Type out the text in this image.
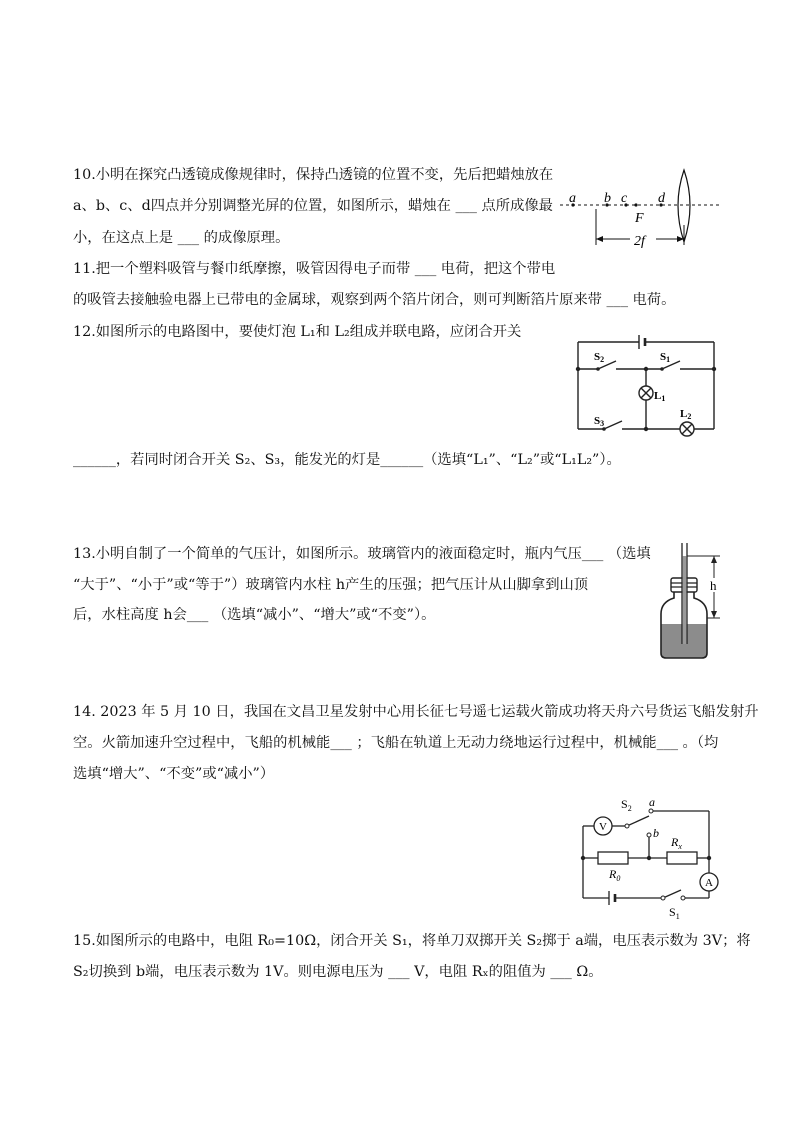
10.小明在探究凸透镜成像规律时，保持凸透镜的位置不变，先后把蜡烛放在
a、b、c、d四点并分别调整光屏的位置，如图所示，蜡烛在 ___ 点所成像最
小，在这点上是 ___ 的成像原理。
a b c d
F
2f
11.把一个塑料吸管与餐巾纸摩擦，吸管因得电子而带 ___ 电荷，把这个带电
的吸管去接触验电器上已带电的金属球，观察到两个箔片闭合，则可判断箔片原来带 ___ 电荷。
12.如图所示的电路图中，要使灯泡 L₁和 L₂组成并联电路，应闭合开关
S2	S1
S3
L1
L2
______，若同时闭合开关 S₂、S₃，能发光的灯是______（选填“L₁”、“L₂”或“L₁L₂”）。
13.小明自制了一个简单的气压计，如图所示。玻璃管内的液面稳定时，瓶内气压___ （选填
“大于”、“小于”或“等于”）玻璃管内水柱 h产生的压强；把气压计从山脚拿到山顶
后，水柱高度 h会___ （选填“减小”、“增大”或“不变”）。
h
14. 2023 年 5 月 10 日，我国在文昌卫星发射中心用长征七号遥七运载火箭成功将天舟六号货运飞船发射升
空。火箭加速升空过程中，飞船的机械能___ ；飞船在轨道上无动力绕地运行过程中，机械能___ 。（均
选填“增大”、“不变”或“减小”）
V
A
$S_2$ a
b
$R_x$
$R_0$
$S_1$
15.如图所示的电路中，电阻 R₀=10Ω，闭合开关 S₁，将单刀双掷开关 S₂掷于 a端，电压表示数为 3V；将
S₂切换到 b端，电压表示数为 1V。则电源电压为 ___ V，电阻 Rₓ的阻值为 ___ Ω。
